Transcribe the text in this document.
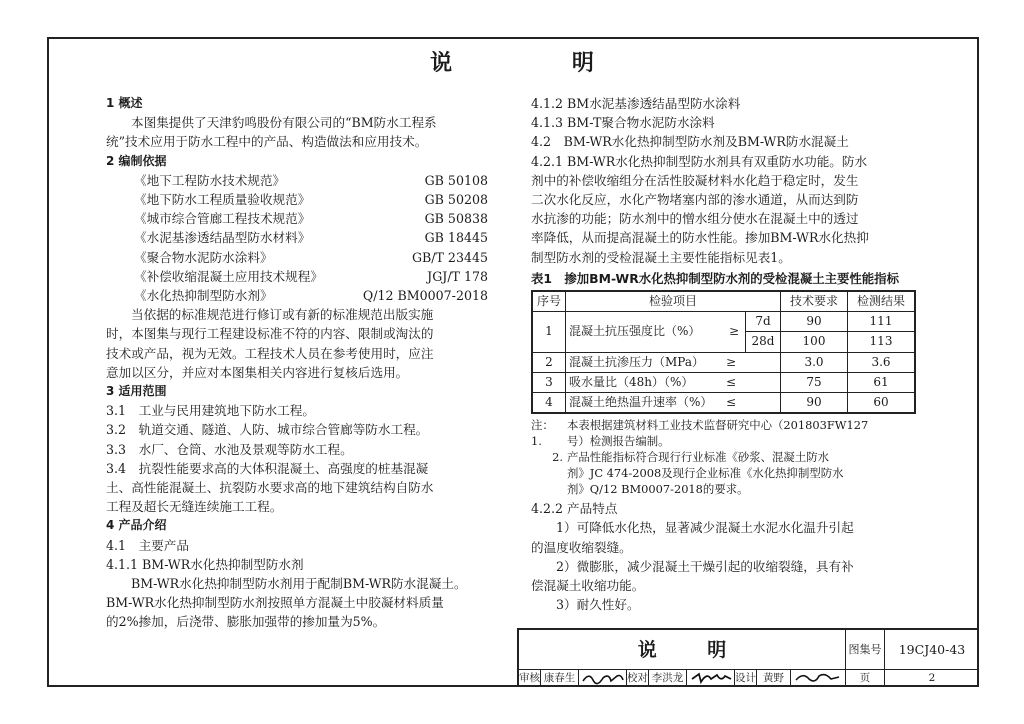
说 明
1 概述
本图集提供了天津豹鸣股份有限公司的“BM防水工程系
统”技术应用于防水工程中的产品、构造做法和应用技术。
2 编制依据
《地下工程防水技术规范》	GB 50108
《地下防水工程质量验收规范》	GB 50208
《城市综合管廊工程技术规范》	GB 50838
《水泥基渗透结晶型防水材料》	GB 18445
《聚合物水泥防水涂料》	GB/T 23445
《补偿收缩混凝土应用技术规程》	JGJ/T 178
《水化热抑制型防水剂》	Q/12 BM0007-2018
当依据的标准规范进行修订或有新的标准规范出版实施
时，本图集与现行工程建设标准不符的内容、限制或淘汰的
技术或产品，视为无效。工程技术人员在参考使用时，应注
意加以区分，并应对本图集相关内容进行复核后选用。
3 适用范围
3.1　工业与民用建筑地下防水工程。
3.2　轨道交通、隧道、人防、城市综合管廊等防水工程。
3.3　水厂、仓筒、水池及景观等防水工程。
3.4　抗裂性能要求高的大体积混凝土、高强度的桩基混凝
土、高性能混凝土、抗裂防水要求高的地下建筑结构自防水
工程及超长无缝连续施工工程。
4 产品介绍
4.1　主要产品
4.1.1 BM-WR水化热抑制型防水剂
BM-WR水化热抑制型防水剂用于配制BM-WR防水混凝土。
BM-WR水化热抑制型防水剂按照单方混凝土中胶凝材料质量
的2%掺加，后浇带、膨胀加强带的掺加量为5%。
4.1.2 BM水泥基渗透结晶型防水涂料
4.1.3 BM-T聚合物水泥防水涂料
4.2　BM-WR水化热抑制型防水剂及BM-WR防水混凝土
4.2.1 BM-WR水化热抑制型防水剂具有双重防水功能。防水
剂中的补偿收缩组分在活性胶凝材料水化趋于稳定时，发生
二次水化反应，水化产物堵塞内部的渗水通道，从而达到防
水抗渗的功能；防水剂中的憎水组分使水在混凝土中的透过
率降低，从而提高混凝土的防水性能。掺加BM-WR水化热抑
制型防水剂的受检混凝土主要性能指标见表1。
表1　掺加BM-WR水化热抑制型防水剂的受检混凝土主要性能指标
序号	检验项目			技术要求	检测结果
1	混凝土抗压强度比（%）	≥	7d	90	111
			28d	100	113
2	混凝土抗渗压力（MPa）	≥		3.0	3.6
3	吸水量比（48h）（%）	≤		75	61
4	混凝土绝热温升速率（%）	≤		90	60
注： 1.
本表根据建筑材料工业技术监督研究中心（201803FW127
号）检测报告编制。
2. 产品性能指标符合现行行业标准《砂浆、混凝土防水
剂》JC 474-2008及现行企业标准《水化热抑制型防水
剂》Q/12 BM0007-2018的要求。
4.2.2 产品特点
1）可降低水化热，显著减少混凝土水泥水化温升引起
的温度收缩裂缝。
2）微膨胀，减少混凝土干燥引起的收缩裂缝，具有补
偿混凝土收缩功能。
3）耐久性好。
说 明	图集号	19CJ40-43
审核 康春生	校对 李洪龙	设计 黄野	页	2
